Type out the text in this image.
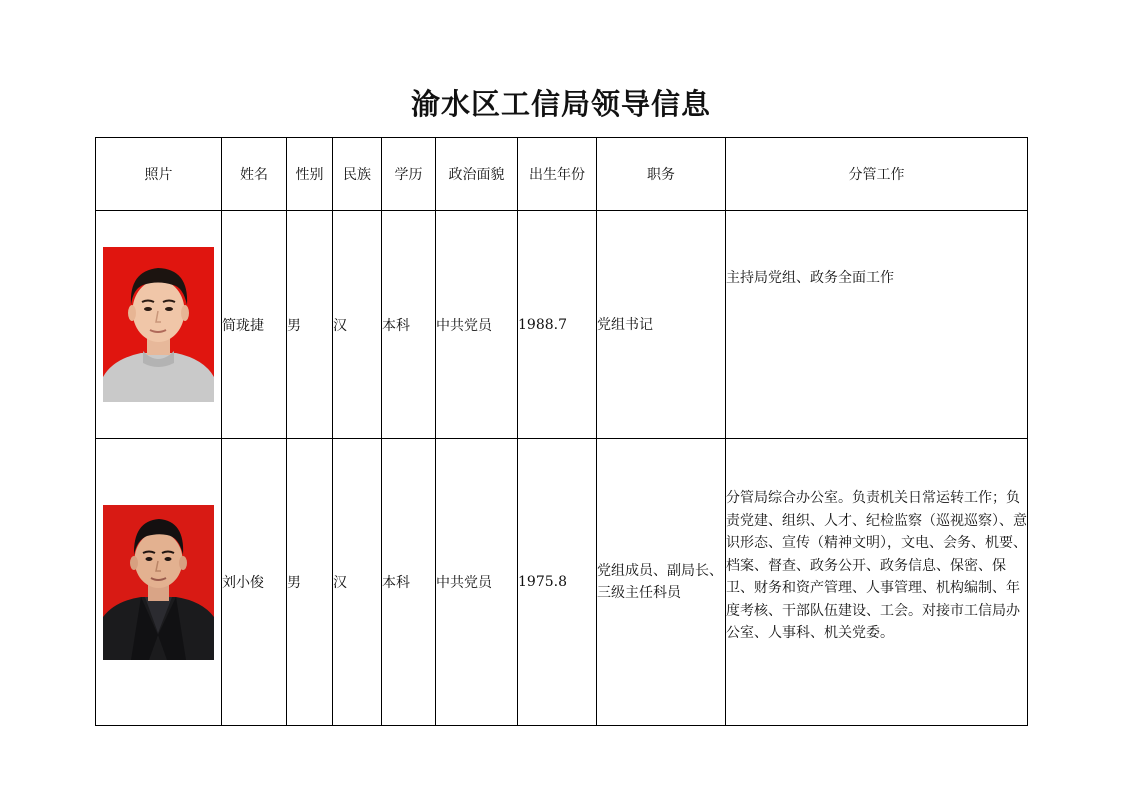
渝水区工信局领导信息
照片	姓名	性别	民族	学历	政治面貌	出生年份	职务	分管工作

	简珑捷	男	汉	本科	中共党员	1988.7	党组书记	主持局党组、政务全面工作

	刘小俊	男	汉	本科	中共党员	1975.8	党组成员、副局长、三级主任科员	分管局综合办公室。负责机关日常运转工作；负责党建、组织、人才、纪检监察（巡视巡察）、意识形态、宣传（精神文明），文电、会务、机要、档案、督查、政务公开、政务信息、保密、保卫、财务和资产管理、人事管理、机构编制、年度考核、干部队伍建设、工会。对接市工信局办公室、人事科、机关党委。
